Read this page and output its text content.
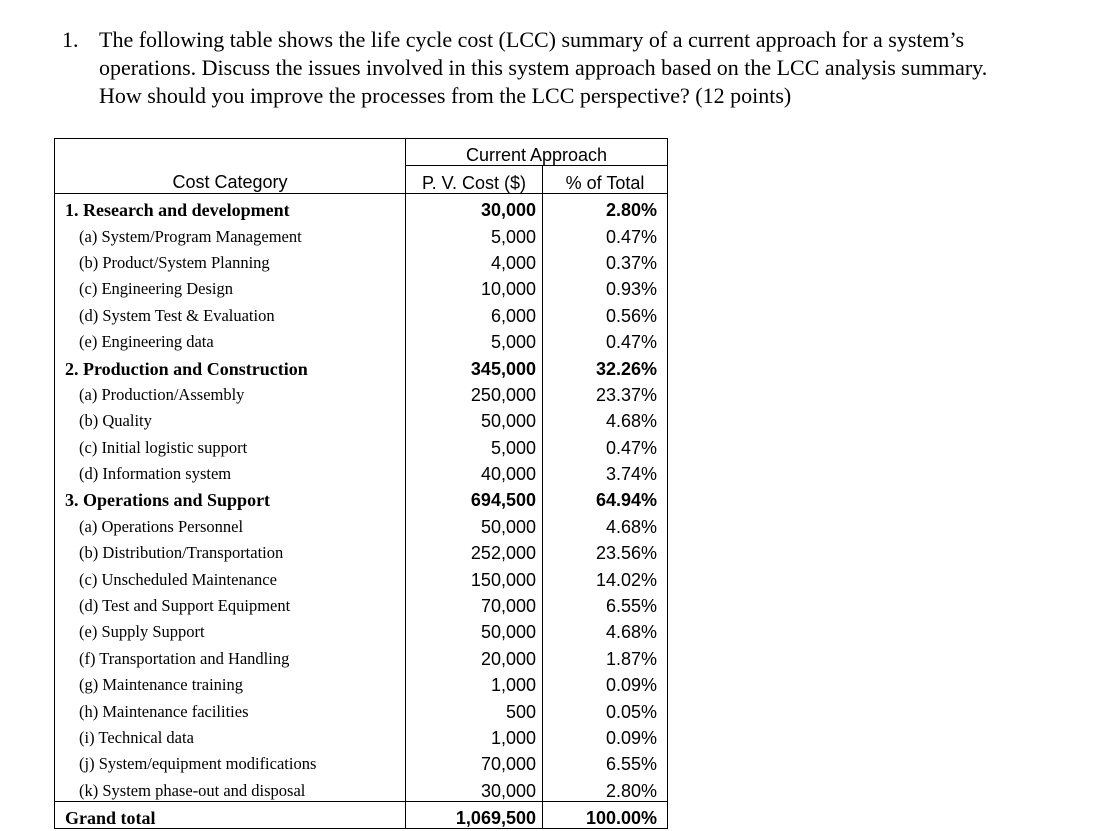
1. The following table shows the life cycle cost (LCC) summary of a current approach for a system’s
operations. Discuss the issues involved in this system approach based on the LCC analysis summary.
How should you improve the processes from the LCC perspective? (12 points)
Cost Category	Current Approach	
	P. V. Cost ($)	% of Total
1. Research and development	30,000	2.80%
(a) System/Program Management	5,000	0.47%
(b) Product/System Planning	4,000	0.37%
(c) Engineering Design	10,000	0.93%
(d) System Test & Evaluation	6,000	0.56%
(e) Engineering data	5,000	0.47%
2. Production and Construction	345,000	32.26%
(a) Production/Assembly	250,000	23.37%
(b) Quality	50,000	4.68%
(c) Initial logistic support	5,000	0.47%
(d) Information system	40,000	3.74%
3. Operations and Support	694,500	64.94%
(a) Operations Personnel	50,000	4.68%
(b) Distribution/Transportation	252,000	23.56%
(c) Unscheduled Maintenance	150,000	14.02%
(d) Test and Support Equipment	70,000	6.55%
(e) Supply Support	50,000	4.68%
(f) Transportation and Handling	20,000	1.87%
(g) Maintenance training	1,000	0.09%
(h) Maintenance facilities	500	0.05%
(i) Technical data	1,000	0.09%
(j) System/equipment modifications	70,000	6.55%
(k) System phase-out and disposal	30,000	2.80%
Grand total	1,069,500	100.00%
